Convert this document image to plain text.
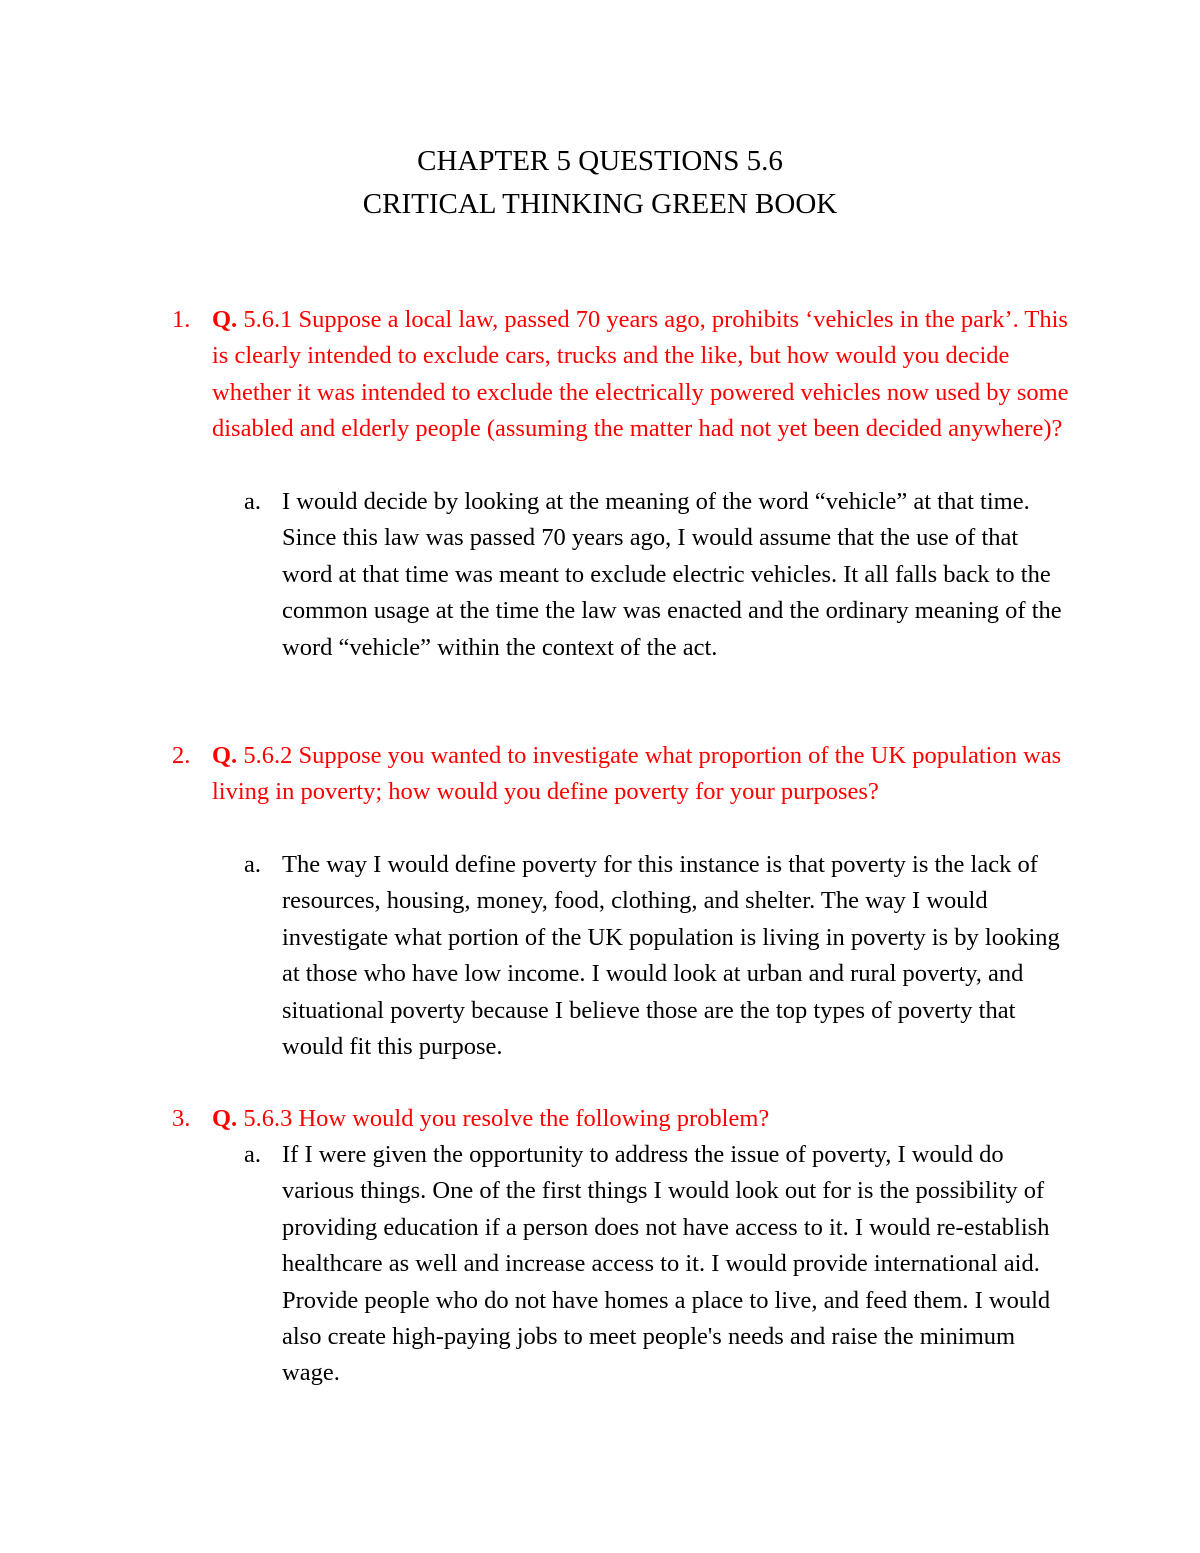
CHAPTER 5 QUESTIONS 5.6
CRITICAL THINKING GREEN BOOK
1. Q. 5.6.1 Suppose a local law, passed 70 years ago, prohibits ‘vehicles in the park’. This is clearly intended to exclude cars, trucks and the like, but how would you decide whether it was intended to exclude the electrically powered vehicles now used by some disabled and elderly people (assuming the matter had not yet been decided anywhere)?

a. I would decide by looking at the meaning of the word “vehicle” at that time. Since this law was passed 70 years ago, I would assume that the use of that word at that time was meant to exclude electric vehicles. It all falls back to the common usage at the time the law was enacted and the ordinary meaning of the word “vehicle” within the context of the act.

2. Q. 5.6.2 Suppose you wanted to investigate what proportion of the UK population was living in poverty; how would you define poverty for your purposes?

a. The way I would define poverty for this instance is that poverty is the lack of resources, housing, money, food, clothing, and shelter. The way I would investigate what portion of the UK population is living in poverty is by looking at those who have low income. I would look at urban and rural poverty, and situational poverty because I believe those are the top types of poverty that would fit this purpose.

3. Q. 5.6.3 How would you resolve the following problem?

a. If I were given the opportunity to address the issue of poverty, I would do various things. One of the first things I would look out for is the possibility of providing education if a person does not have access to it. I would re-establish healthcare as well and increase access to it. I would provide international aid. Provide people who do not have homes a place to live, and feed them. I would also create high-paying jobs to meet people's needs and raise the minimum wage.
